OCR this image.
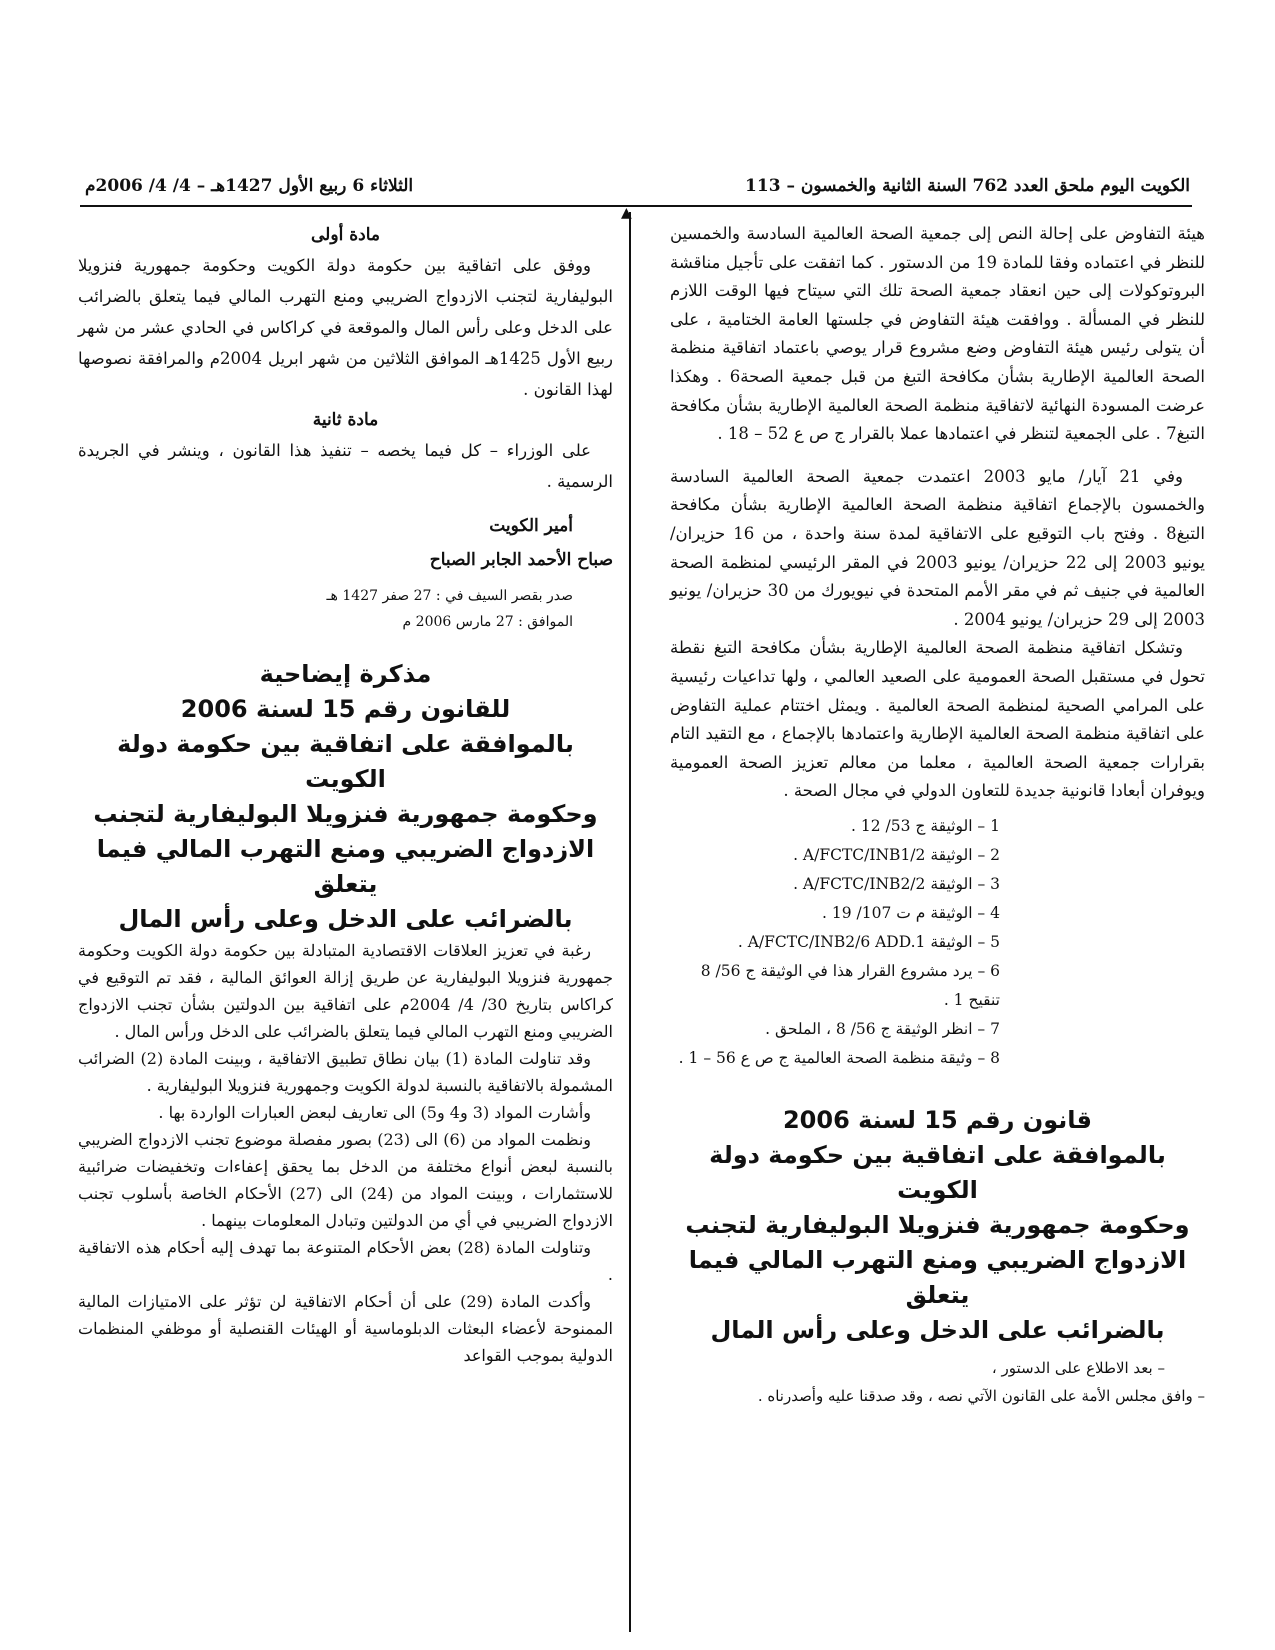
الكويت اليوم ملحق العدد 762 السنة الثانية والخمسون – 113
الثلاثاء 6 ربيع الأول 1427هـ – 4/ 4/ 2006م
▲

هيئة التفاوض على إحالة النص إلى جمعية الصحة العالمية السادسة والخمسين للنظر في اعتماده وفقا للمادة 19 من الدستور . كما اتفقت على تأجيل مناقشة البروتوكولات إلى حين انعقاد جمعية الصحة تلك التي سيتاح فيها الوقت اللازم للنظر في المسألة . ووافقت هيئة التفاوض في جلستها العامة الختامية ، على أن يتولى رئيس هيئة التفاوض وضع مشروع قرار يوصي باعتماد اتفاقية منظمة الصحة العالمية الإطارية بشأن مكافحة التبغ من قبل جمعية الصحة6 . وهكذا عرضت المسودة النهائية لاتفاقية منظمة الصحة العالمية الإطارية بشأن مكافحة التبغ7 . على الجمعية لتنظر في اعتمادها عملا بالقرار ج ص ع 52 – 18 .

وفي 21 آيار/ مايو 2003 اعتمدت جمعية الصحة العالمية السادسة والخمسون بالإجماع اتفاقية منظمة الصحة العالمية الإطارية بشأن مكافحة التبغ8 . وفتح باب التوقيع على الاتفاقية لمدة سنة واحدة ، من 16 حزيران/ يونيو 2003 إلى 22 حزيران/ يونيو 2003 في المقر الرئيسي لمنظمة الصحة العالمية في جنيف ثم في مقر الأمم المتحدة في نيويورك من 30 حزيران/ يونيو 2003 إلى 29 حزيران/ يونيو 2004 .

وتشكل اتفاقية منظمة الصحة العالمية الإطارية بشأن مكافحة التبغ نقطة تحول في مستقبل الصحة العمومية على الصعيد العالمي ، ولها تداعيات رئيسية على المرامي الصحية لمنظمة الصحة العالمية . ويمثل اختتام عملية التفاوض على اتفاقية منظمة الصحة العالمية الإطارية واعتمادها بالإجماع ، مع التقيد التام بقرارات جمعية الصحة العالمية ، معلما من معالم تعزيز الصحة العمومية ويوفران أبعادا قانونية جديدة للتعاون الدولي في مجال الصحة .

1 – الوثيقة ج 53/ 12 .
2 – الوثيقة A/FCTC/INB1/2 .
3 – الوثيقة A/FCTC/INB2/2 .
4 – الوثيقة م ت 107/ 19 .
5 – الوثيقة A/FCTC/INB2/6 ADD.1 .
6 – يرد مشروع القرار هذا في الوثيقة ج 56/ 8 تنقيح 1 .
7 – انظر الوثيقة ج 56/ 8 ، الملحق .
8 – وثيقة منظمة الصحة العالمية ج ص ع 56 – 1 .

قانون رقم 15 لسنة 2006

بالموافقة على اتفاقية بين حكومة دولة الكويت

وحكومة جمهورية فنزويلا البوليفارية لتجنب

الازدواج الضريبي ومنع التهرب المالي فيما يتعلق

بالضرائب على الدخل وعلى رأس المال

– بعد الاطلاع على الدستور ،

– وافق مجلس الأمة على القانون الآتي نصه ، وقد صدقنا عليه وأصدرناه .

مادة أولى

ووفق على اتفاقية بين حكومة دولة الكويت وحكومة جمهورية فنزويلا البوليفارية لتجنب الازدواج الضريبي ومنع التهرب المالي فيما يتعلق بالضرائب على الدخل وعلى رأس المال والموقعة في كراكاس في الحادي عشر من شهر ربيع الأول 1425هـ الموافق الثلاثين من شهر ابريل 2004م والمرافقة نصوصها لهذا القانون .

مادة ثانية

على الوزراء – كل فيما يخصه – تنفيذ هذا القانون ، وينشر في الجريدة الرسمية .

أمير الكويت

صباح الأحمد الجابر الصباح

صدر بقصر السيف في : 27 صفر 1427 هـ

الموافق : 27 مارس 2006 م

مذكرة إيضاحية

للقانون رقم 15 لسنة 2006

بالموافقة على اتفاقية بين حكومة دولة الكويت

وحكومة جمهورية فنزويلا البوليفارية لتجنب

الازدواج الضريبي ومنع التهرب المالي فيما يتعلق

بالضرائب على الدخل وعلى رأس المال

رغبة في تعزيز العلاقات الاقتصادية المتبادلة بين حكومة دولة الكويت وحكومة جمهورية فنزويلا البوليفارية عن طريق إزالة العوائق المالية ، فقد تم التوقيع في كراكاس بتاريخ 30/ 4/ 2004م على اتفاقية بين الدولتين بشأن تجنب الازدواج الضريبي ومنع التهرب المالي فيما يتعلق بالضرائب على الدخل ورأس المال .

وقد تناولت المادة (1) بيان نطاق تطبيق الاتفاقية ، وبينت المادة (2) الضرائب المشمولة بالاتفاقية بالنسبة لدولة الكويت وجمهورية فنزويلا البوليفارية .

وأشارت المواد (3 و4 و5) الى تعاريف لبعض العبارات الواردة بها .

ونظمت المواد من (6) الى (23) بصور مفصلة موضوع تجنب الازدواج الضريبي بالنسبة لبعض أنواع مختلفة من الدخل بما يحقق إعفاءات وتخفيضات ضرائبية للاستثمارات ، وبينت المواد من (24) الى (27) الأحكام الخاصة بأسلوب تجنب الازدواج الضريبي في أي من الدولتين وتبادل المعلومات بينهما .

وتناولت المادة (28) بعض الأحكام المتنوعة بما تهدف إليه أحكام هذه الاتفاقية .

وأكدت المادة (29) على أن أحكام الاتفاقية لن تؤثر على الامتيازات المالية الممنوحة لأعضاء البعثات الدبلوماسية أو الهيئات القنصلية أو موظفي المنظمات الدولية بموجب القواعد
